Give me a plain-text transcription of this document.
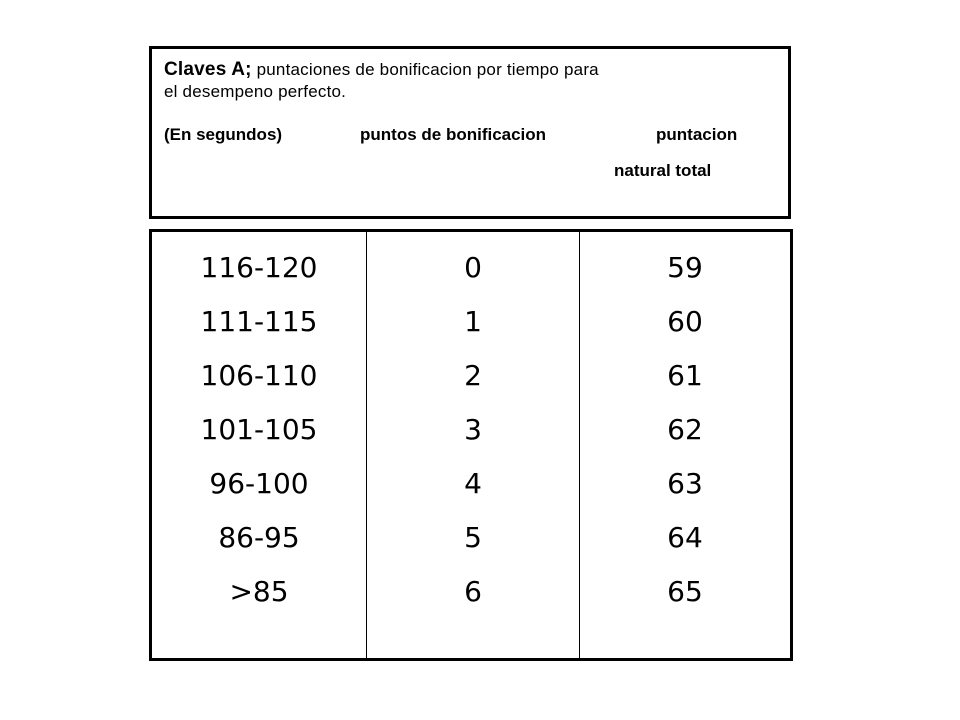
Claves A; puntaciones de bonificacion por tiempo para

el desempeno perfecto.

(En segundos)	puntos de bonificacion	puntacion
natural total
116-120
111-115
106-110
101-105
96-100
86-95
>85
0
1
2
3
4
5
6
59
60
61
62
63
64
65
